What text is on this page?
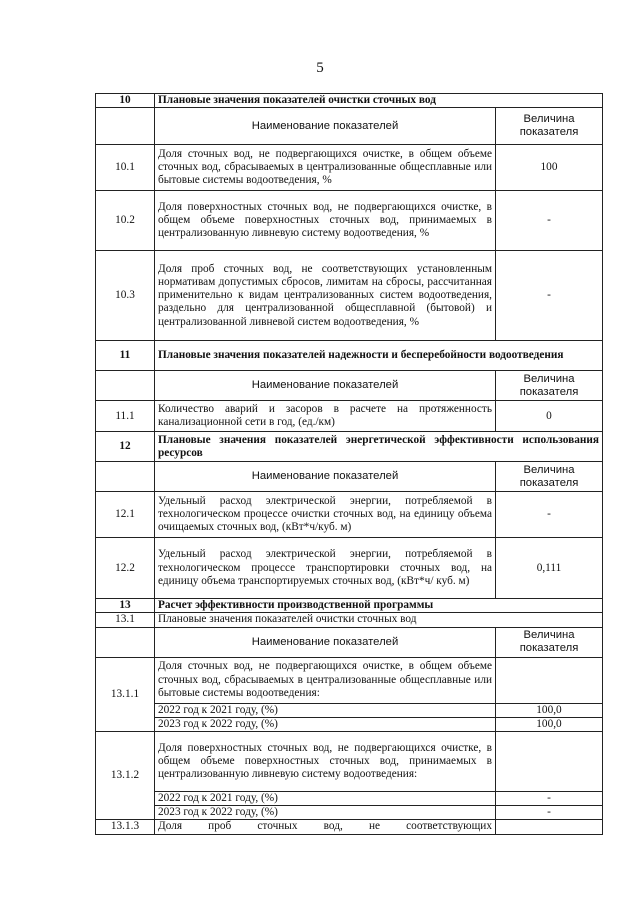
5
10	Плановые значения показателей очистки сточных вод	
	Наименование показателей	Величина показателя
10.1	Доля сточных вод, не подвергающихся очистке, в общем объеме сточных вод, сбрасываемых в централизованные общесплавные или бытовые системы водоотведения, %	100
10.2	Доля поверхностных сточных вод, не подвергающихся очистке, в общем объеме поверхностных сточных вод, принимаемых в централизованную ливневую систему водоотведения, %	-
10.3	Доля проб сточных вод, не соответствующих установленным нормативам допустимых сбросов, лимитам на сбросы, рассчитанная применительно к видам централизованных систем водоотведения, раздельно для централизованной общесплавной (бытовой) и централизованной ливневой систем водоотведения, %	-
11	Плановые значения показателей надежности и бесперебойности водоотведения	
	Наименование показателей	Величина показателя
11.1	Количество аварий и засоров в расчете на протяженность канализационной сети в год, (ед./км)	0
12	Плановые значения показателей энергетической эффективности использования ресурсов	
	Наименование показателей	Величина показателя
12.1	Удельный расход электрической энергии, потребляемой в технологическом процессе очистки сточных вод, на единицу объема очищаемых сточных вод, (кВт*ч/куб. м)	-
12.2	Удельный расход электрической энергии, потребляемой в технологическом процессе транспортировки сточных вод, на единицу объема транспортируемых сточных вод, (кВт*ч/ куб. м)	0,111
13	Расчет эффективности производственной программы	
13.1	Плановые значения показателей очистки сточных вод	
	Наименование показателей	Величина показателя
13.1.1	Доля сточных вод, не подвергающихся очистке, в общем объеме сточных вод, сбрасываемых в централизованные общесплавные или бытовые системы водоотведения:	
	2022 год к 2021 году, (%)	100,0
	2023 год к 2022 году, (%)	100,0
13.1.2	Доля поверхностных сточных вод, не подвергающихся очистке, в общем объеме поверхностных сточных вод, принимаемых в централизованную ливневую систему водоотведения:	
	2022 год к 2021 году, (%)	-
	2023 год к 2022 году, (%)	-
13.1.3	Доля проб сточных вод, не соответствующих	
